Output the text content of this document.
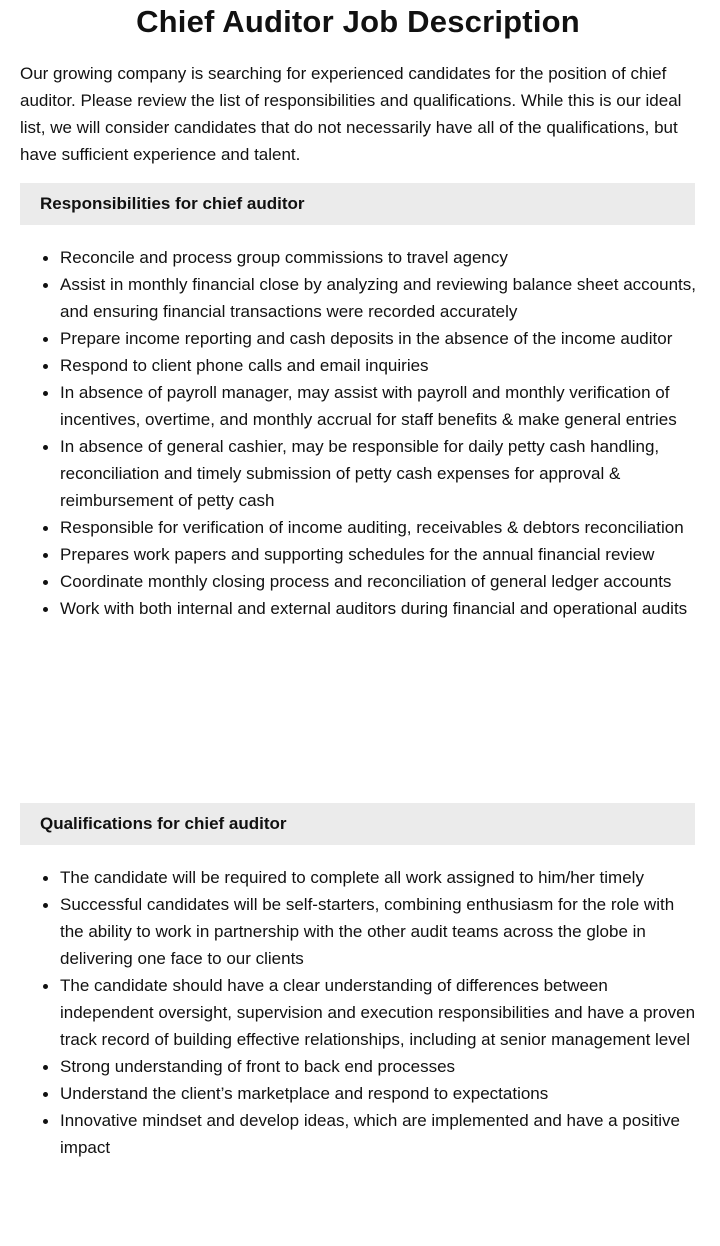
Chief Auditor Job Description

Our growing company is searching for experienced candidates for the position of chief auditor. Please review the list of responsibilities and qualifications. While this is our ideal list, we will consider candidates that do not necessarily have all of the qualifications, but have sufficient experience and talent.

Responsibilities for chief auditor
Reconcile and process group commissions to travel agency
Assist in monthly financial close by analyzing and reviewing balance sheet accounts, and ensuring financial transactions were recorded accurately
Prepare income reporting and cash deposits in the absence of the income auditor
Respond to client phone calls and email inquiries
In absence of payroll manager, may assist with payroll and monthly verification of incentives, overtime, and monthly accrual for staff benefits & make general entries
In absence of general cashier, may be responsible for daily petty cash handling, reconciliation and timely submission of petty cash expenses for approval & reimbursement of petty cash
Responsible for verification of income auditing, receivables & debtors reconciliation
Prepares work papers and supporting schedules for the annual financial review
Coordinate monthly closing process and reconciliation of general ledger accounts
Work with both internal and external auditors during financial and operational audits
Qualifications for chief auditor
The candidate will be required to complete all work assigned to him/her timely
Successful candidates will be self-starters, combining enthusiasm for the role with the ability to work in partnership with the other audit teams across the globe in delivering one face to our clients
The candidate should have a clear understanding of differences between independent oversight, supervision and execution responsibilities and have a proven track record of building effective relationships, including at senior management level
Strong understanding of front to back end processes
Understand the client’s marketplace and respond to expectations
Innovative mindset and develop ideas, which are implemented and have a positive impact
